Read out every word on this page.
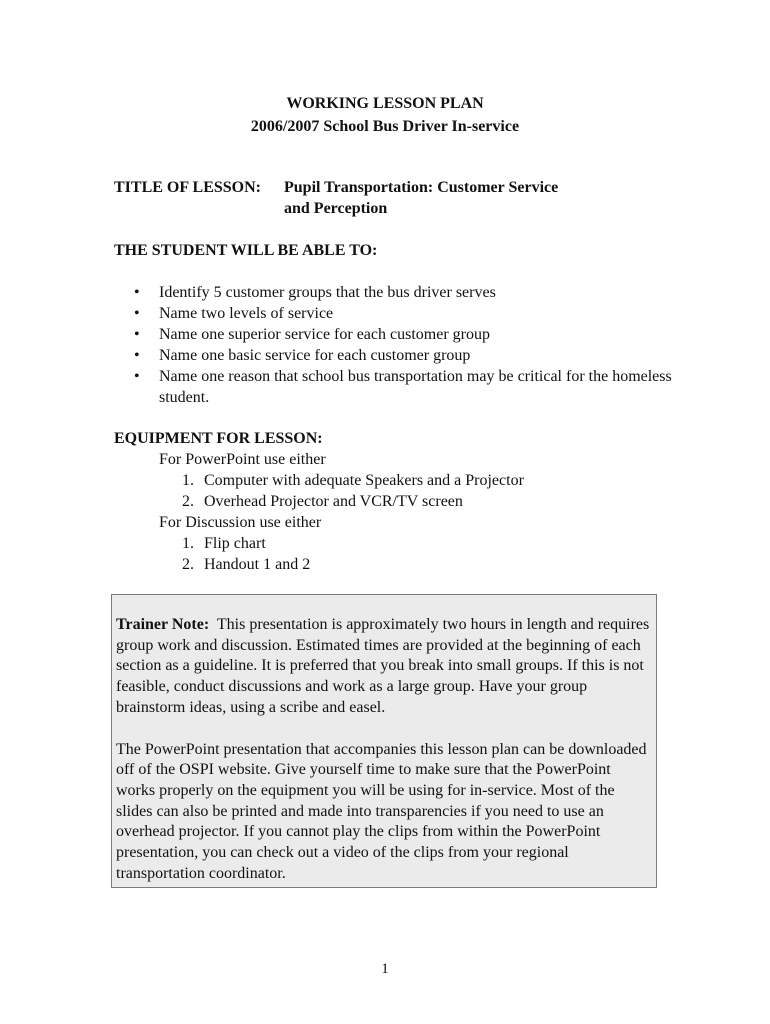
WORKING LESSON PLAN
2006/2007 School Bus Driver In-service
TITLE OF LESSON: Pupil Transportation: Customer Service
and Perception
THE STUDENT WILL BE ABLE TO:
• Identify 5 customer groups that the bus driver serves
• Name two levels of service
• Name one superior service for each customer group
• Name one basic service for each customer group
• Name one reason that school bus transportation may be critical for the homeless student.
EQUIPMENT FOR LESSON:
For PowerPoint use either
1. Computer with adequate Speakers and a Projector
2. Overhead Projector and VCR/TV screen
For Discussion use either
1. Flip chart
2. Handout 1 and 2

Trainer Note: This presentation is approximately two hours in length and requires group work and discussion. Estimated times are provided at the beginning of each section as a guideline. It is preferred that you break into small groups. If this is not feasible, conduct discussions and work as a large group. Have your group brainstorm ideas, using a scribe and easel.

The PowerPoint presentation that accompanies this lesson plan can be downloaded off of the OSPI website. Give yourself time to make sure that the PowerPoint works properly on the equipment you will be using for in-service. Most of the slides can also be printed and made into transparencies if you need to use an overhead projector. If you cannot play the clips from within the PowerPoint presentation, you can check out a video of the clips from your regional transportation coordinator.

1
